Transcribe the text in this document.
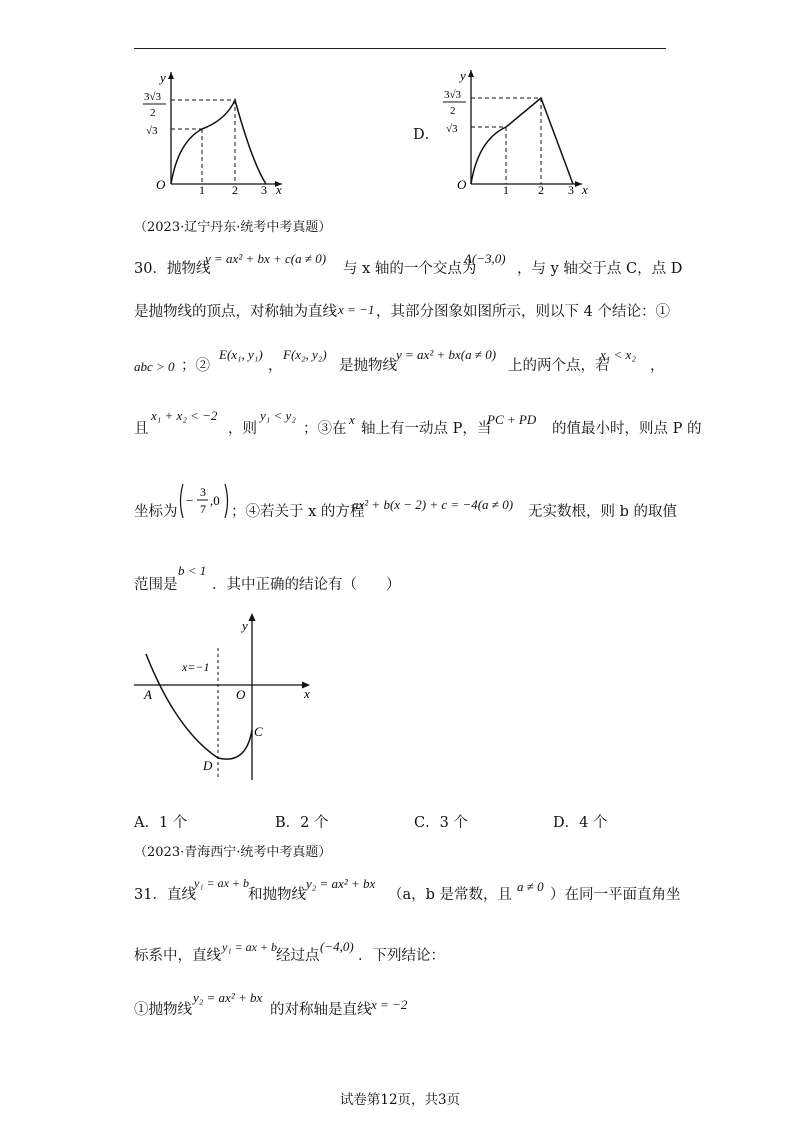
y
x
O
3√3
2
√3
1 2 3
D．
y
x
O
3√3
2
√3
1 2 3
（2023·辽宁丹东·统考中考真题）
30．抛物线
y = ax² + bx + c(a ≠ 0)
与 x 轴的一个交点为
A(−3,0)
，与 y 轴交于点 C，点 D
是抛物线的顶点，对称轴为直线 x = −1 ，其部分图象如图所示，则以下 4 个结论：①
abc > 0 ；②
E(x₁, y₁)
，
F(x₂, y₂)
是抛物线
y = ax² + bx(a ≠ 0)
上的两个点，若
x₁ < x₂
，
且
x₁ + x₂ < −2
，则
y₁ < y₂
；③在
x
轴上有一动点 P，当
PC + PD
的值最小时，则点 P 的
坐标为
−
3
7
,0
；④若关于 x 的方程
ax² + b(x − 2) + c = −4(a ≠ 0) 无实数根，则 b 的取值
范围是
b < 1
．其中正确的结论有（　　）
y
x
O
x=−1
A
C
D
A．1 个	B．2 个	C．3 个	D．4 个
（2023·青海西宁·统考中考真题）
31．直线
y₁ = ax + b
和抛物线
y₂ = ax² + bx
（a，b 是常数，且
a ≠ 0
）在同一平面直角坐
标系中，直线
y₁ = ax + b
经过点
(−4,0)
．下列结论：
①抛物线
y₂ = ax² + bx
的对称轴是直线 x = −2
试卷第12页，共3页
